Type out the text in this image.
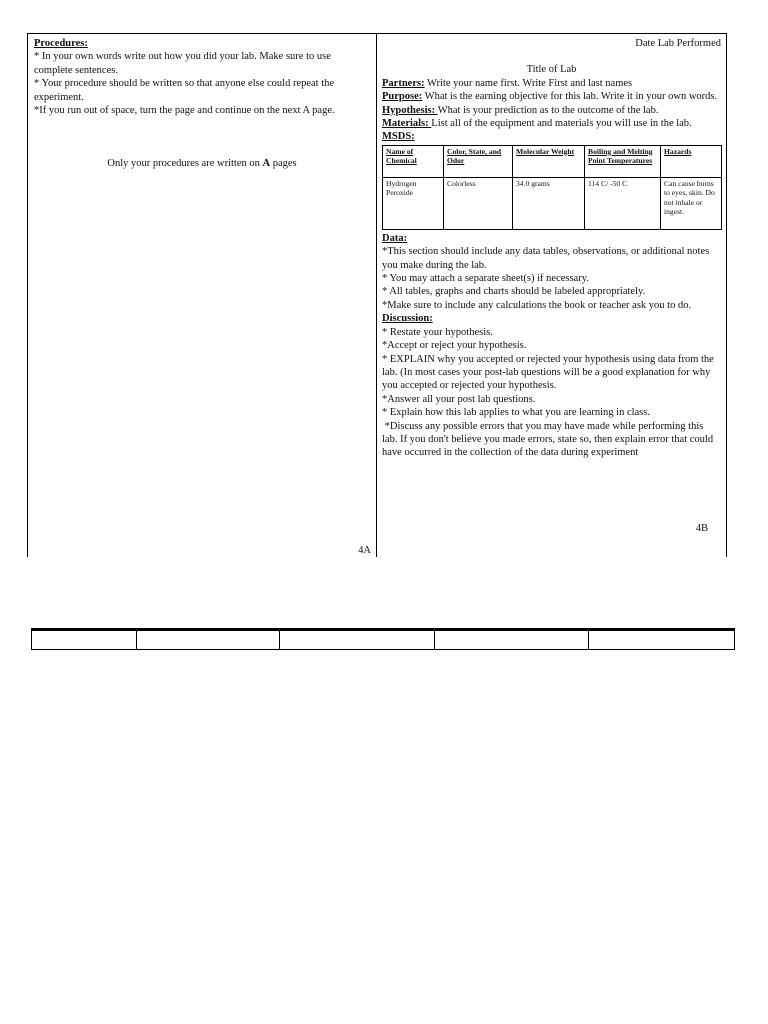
Procedures:
* In your own words write out how you did your lab. Make sure to use complete sentences.
* Your procedure should be written so that anyone else could repeat the experiment.
*If you run out of space, turn the page and continue on the next A page.
Only your procedures are written on A pages
4A
Date Lab Performed
Title of Lab
Partners: Write your name first. Write First and last names
Purpose: What is the earning objective for this lab. Write it in your own words.
Hypothesis: What is your prediction as to the outcome of the lab.
Materials: List all of the equipment and materials you will use in the lab.
MSDS:
Name of Chemical	Color, State, and Odor	Molecular Weight	Boiling and Melting Point Temperatures	Hazards
Hydrogen Peroxide	Colorless	34.0 grams	114 C/ -50 C	Can cause burns to eyes, skin. Do not inhale or ingest.
Data:
*This section should include any data tables, observations, or additional notes you make during the lab.
* You may attach a separate sheet(s) if necessary.
* All tables, graphs and charts should be labeled appropriately.
*Make sure to include any calculations the book or teacher ask you to do.
Discussion:
* Restate your hypothesis.
*Accept or reject your hypothesis.
* EXPLAIN why you accepted or rejected your hypothesis using data from the lab. (In most cases your post-lab questions will be a good explanation for why you accepted or rejected your hypothesis.
*Answer all your post lab questions.
* Explain how this lab applies to what you are learning in class.
*Discuss any possible errors that you may have made while performing this lab. If you don't believe you made errors, state so, then explain error that could have occurred in the collection of the data during experiment
4B
